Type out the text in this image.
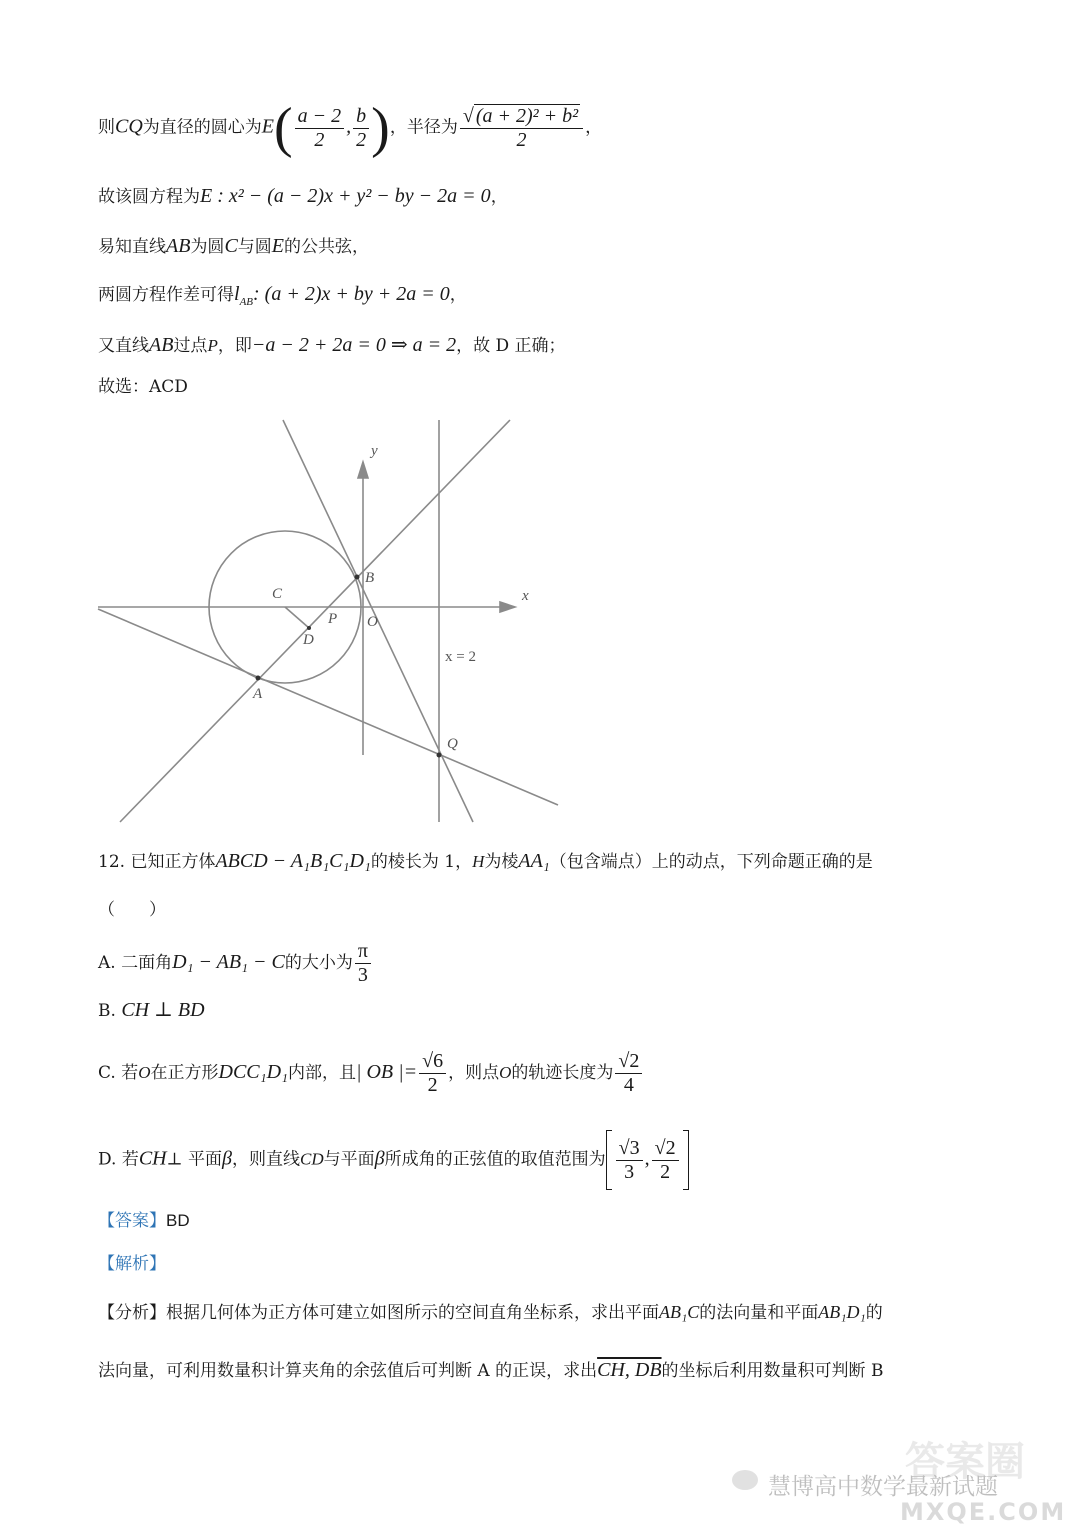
则CQ为直径的圆心为$E( \frac{a - 2}{2}$ , $\frac{b}{2}$ )，半径为 $\frac{\text{√ (a + 2)² + b²}}{2}$ ，
故该圆方程为E : x² − (a − 2)x + y² − by − 2a = 0，
易知直线AB为圆C与圆E的公共弦，
两圆方程作差可得$l_{AB}$: (a + 2)x + by + 2a = 0，
又直线AB过点P，即−a − 2 + 2a = 0 ⇒ a = 2，故 D 正确；
故选：ACD
y
x
C
B
P O
D
A
Q
x = 2
12. 已知正方体ABCD − A₁B₁C₁D₁的棱长为 1，H为棱AA₁（包含端点）上的动点，下列命题正确的是
（　　）
A. 二面角D₁ − AB₁ − C的大小为 $\frac{\pi}{3}$
B. CH ⊥ BD
C. 若O在正方形DCC₁D₁内部，且| OB |= $\frac{√6}{2}$ ，则点O的轨迹长度为 $\frac{√2}{4}$
D. 若CH⊥ 平面β，则直线CD与平面β所成角的正弦值的取值范围为 $\frac{√3}{3}$ , $\frac{√2}{2}$
【答案】BD
【解析】
【分析】根据几何体为正方体可建立如图所示的空间直角坐标系，求出平面AB₁C的法向量和平面AB₁D₁的
法向量，可利用数量积计算夹角的余弦值后可判断 A 的正误，求出CH, DB的坐标后利用数量积可判断 B
答案圈
慧博高中数学最新试题
MXQE.COM
